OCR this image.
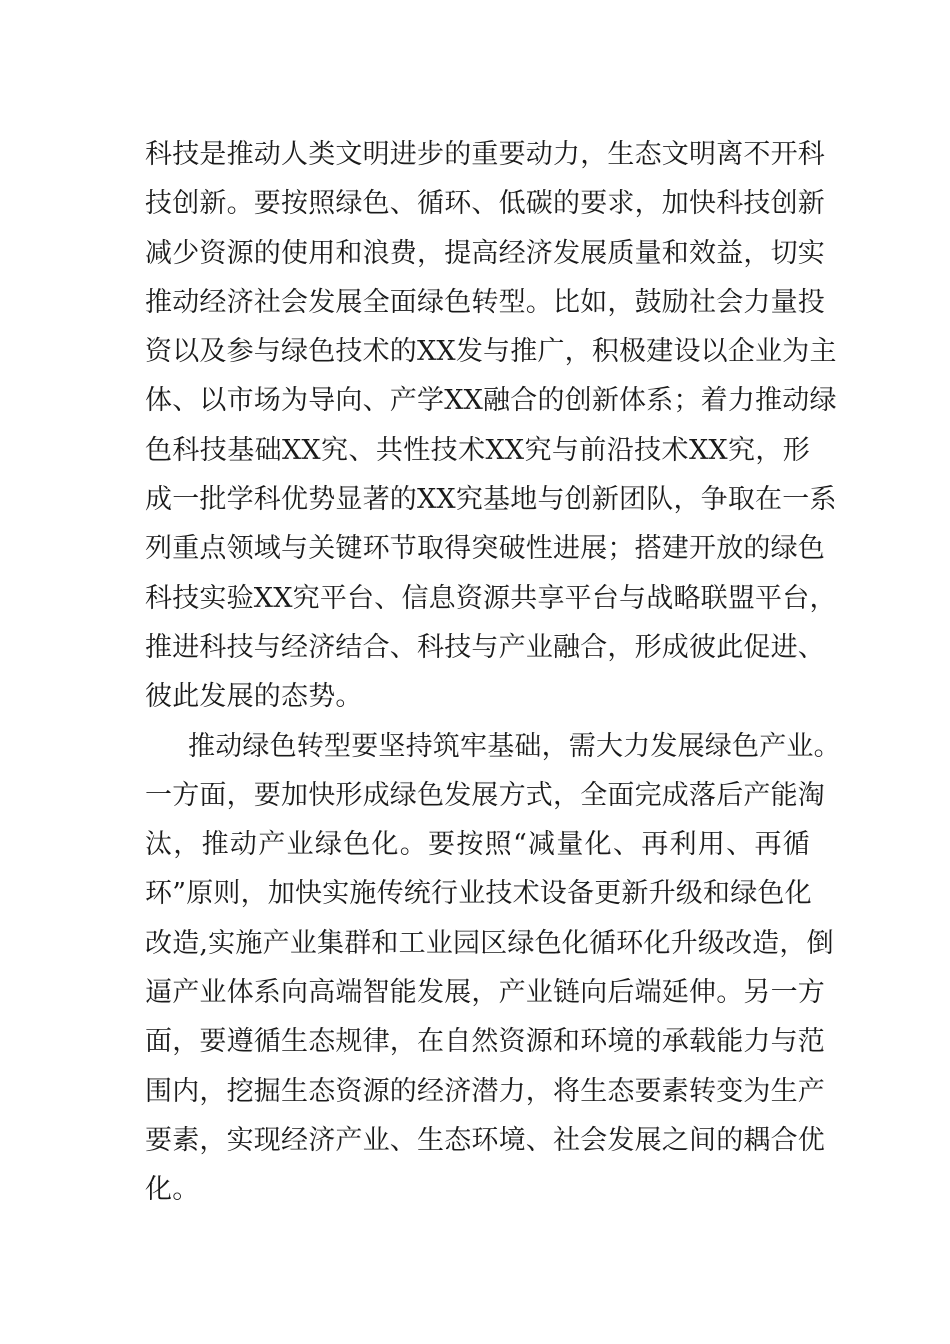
科技是推动人类文明进步的重要动力，生态文明离不开科
技创新。要按照绿色、循环、低碳的要求，加快科技创新
减少资源的使用和浪费，提高经济发展质量和效益，切实
推动经济社会发展全面绿色转型。比如，鼓励社会力量投
资以及参与绿色技术的XX发与推广，积极建设以企业为主
体、以市场为导向、产学XX融合的创新体系；着力推动绿
色科技基础XX究、共性技术XX究与前沿技术XX究，形
成一批学科优势显著的XX究基地与创新团队，争取在一系
列重点领域与关键环节取得突破性进展；搭建开放的绿色
科技实验XX究平台、信息资源共享平台与战略联盟平台，
推进科技与经济结合、科技与产业融合，形成彼此促进、
彼此发展的态势。
推动绿色转型要坚持筑牢基础，需大力发展绿色产业。
一方面，要加快形成绿色发展方式，全面完成落后产能淘
汰，推动产业绿色化。要按照“减量化、再利用、再循
环”原则，加快实施传统行业技术设备更新升级和绿色化
改造,实施产业集群和工业园区绿色化循环化升级改造，倒
逼产业体系向高端智能发展，产业链向后端延伸。另一方
面，要遵循生态规律，在自然资源和环境的承载能力与范
围内，挖掘生态资源的经济潜力，将生态要素转变为生产
要素，实现经济产业、生态环境、社会发展之间的耦合优
化。
